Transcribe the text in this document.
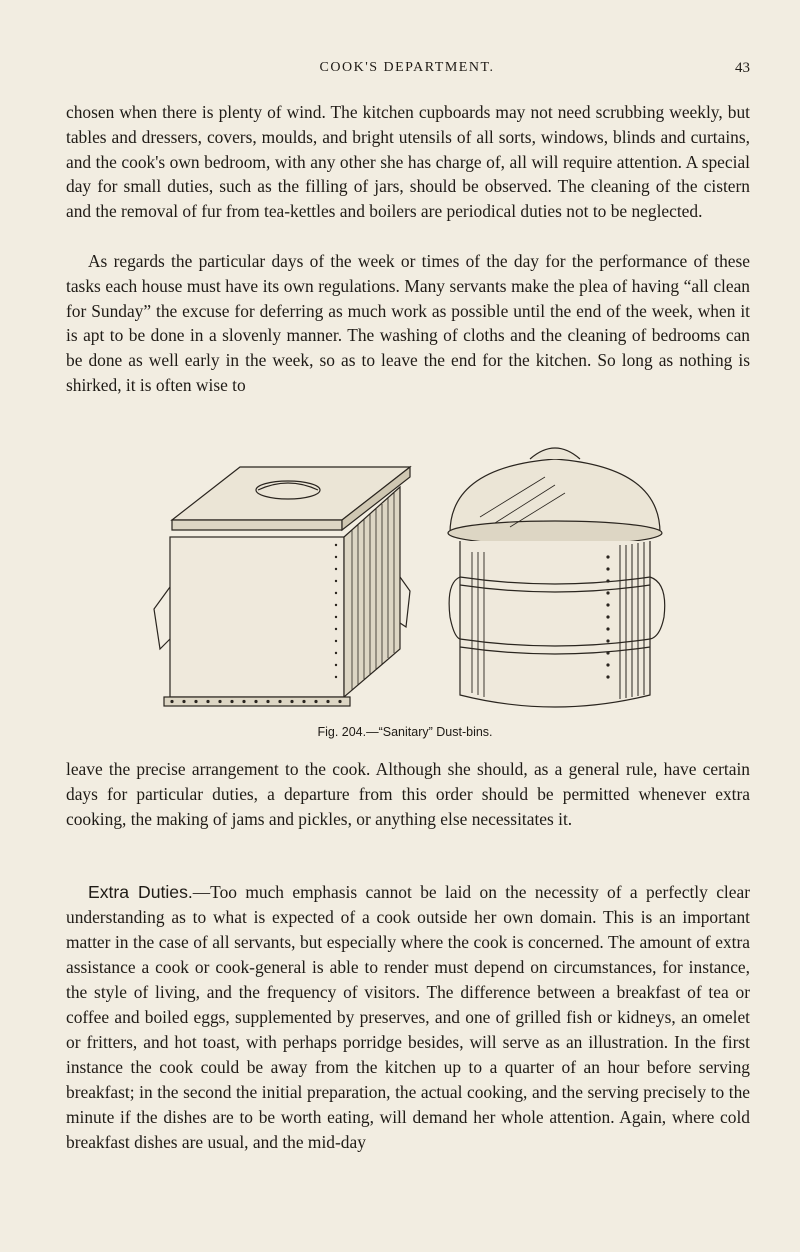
COOK'S DEPARTMENT.	43

chosen when there is plenty of wind. The kitchen cupboards may not need scrubbing weekly, but tables and dressers, covers, moulds, and bright utensils of all sorts, windows, blinds and curtains, and the cook's own bedroom, with any other she has charge of, all will require attention. A special day for small duties, such as the filling of jars, should be observed. The cleaning of the cistern and the removal of fur from tea-kettles and boilers are periodical duties not to be neglected.

As regards the particular days of the week or times of the day for the performance of these tasks each house must have its own regulations. Many servants make the plea of having “all clean for Sunday” the excuse for deferring as much work as possible until the end of the week, when it is apt to be done in a slovenly manner. The washing of cloths and the cleaning of bedrooms can be done as well early in the week, so as to leave the end for the kitchen. So long as nothing is shirked, it is often wise to

Fig. 204.—“Sanitary” Dust-bins.

leave the precise arrangement to the cook. Although she should, as a general rule, have certain days for particular duties, a departure from this order should be permitted whenever extra cooking, the making of jams and pickles, or anything else necessitates it.

Extra Duties.—Too much emphasis cannot be laid on the necessity of a perfectly clear understanding as to what is expected of a cook outside her own domain. This is an important matter in the case of all servants, but especially where the cook is concerned. The amount of extra assistance a cook or cook-general is able to render must depend on circumstances, for instance, the style of living, and the frequency of visitors. The difference between a breakfast of tea or coffee and boiled eggs, supplemented by preserves, and one of grilled fish or kidneys, an omelet or fritters, and hot toast, with perhaps porridge besides, will serve as an illustration. In the first instance the cook could be away from the kitchen up to a quarter of an hour before serving breakfast; in the second the initial preparation, the actual cooking, and the serving precisely to the minute if the dishes are to be worth eating, will demand her whole attention. Again, where cold breakfast dishes are usual, and the mid-day
